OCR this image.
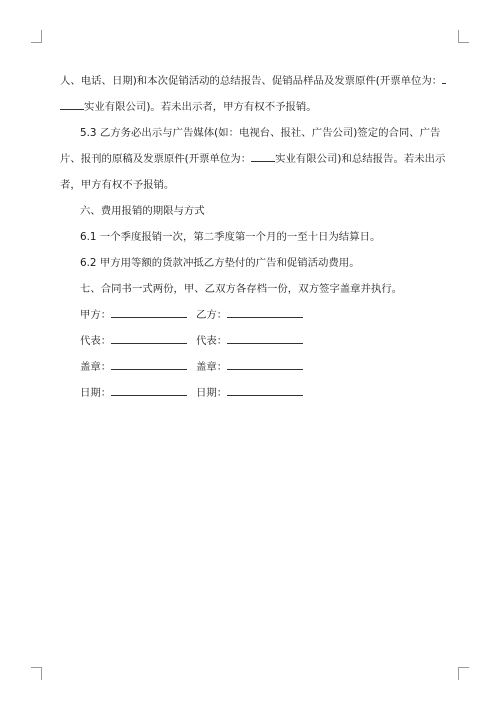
人、电话、日期)和本次促销活动的总结报告、促销品样品及发票原件(开票单位为：
实业有限公司)。若未出示者，甲方有权不予报销。
5.3 乙方务必出示与广告媒体(如：电视台、报社、广告公司)签定的合同、广告
片、报刊的原稿及发票原件(开票单位为： 实业有限公司)和总结报告。若未出示
者，甲方有权不予报销。
六、费用报销的期限与方式
6.1 一个季度报销一次，第二季度第一个月的一至十日为结算日。
6.2 甲方用等额的货款冲抵乙方垫付的广告和促销活动费用。
七、合同书一式两份，甲、乙双方各存档一份，双方签字盖章并执行。
甲方：	乙方：
代表：	代表：
盖章：	盖章：
日期：	日期：
